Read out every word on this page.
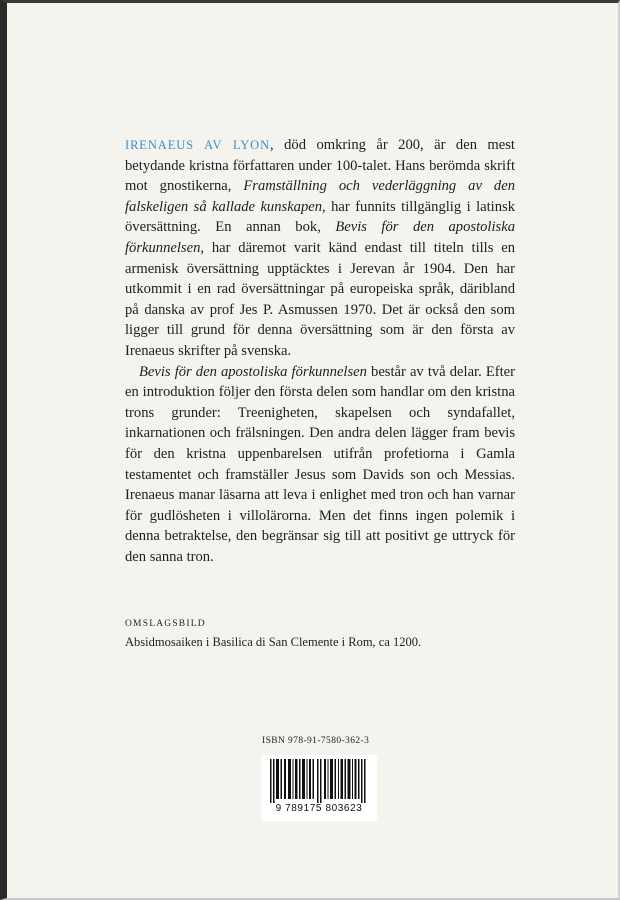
IRENAEUS AV LYON, död omkring år 200, är den mest betydande kristna författaren under 100-talet. Hans berömda skrift mot gnostikerna, Framställning och vederläggning av den falskeligen så kallade kunskapen, har funnits tillgänglig i latinsk översättning. En annan bok, Bevis för den apostoliska förkunnelsen, har däremot varit känd endast till titeln tills en armenisk översättning upptäcktes i Jerevan år 1904. Den har utkommit i en rad översättningar på europeiska språk, däribland på danska av prof Jes P. Asmussen 1970. Det är också den som ligger till grund för denna översättning som är den första av Irenaeus skrifter på svenska.

Bevis för den apostoliska förkunnelsen består av två delar. Efter en introduktion följer den första delen som handlar om den kristna trons grunder: Treenigheten, skapelsen och syndafallet, inkarnationen och frälsningen. Den andra delen lägger fram bevis för den kristna uppenbarelsen utifrån profetiorna i Gamla testamentet och framställer Jesus som Davids son och Messias. Irenaeus manar läsarna att leva i enlighet med tron och han varnar för gudlösheten i villolärorna. Men det finns ingen polemik i denna betraktelse, den begränsar sig till att positivt ge uttryck för den sanna tron.

OMSLAGSBILD
Absidmosaiken i Basilica di San Clemente i Rom, ca 1200.
ISBN 978-91-7580-362-3
9 789175 803623
